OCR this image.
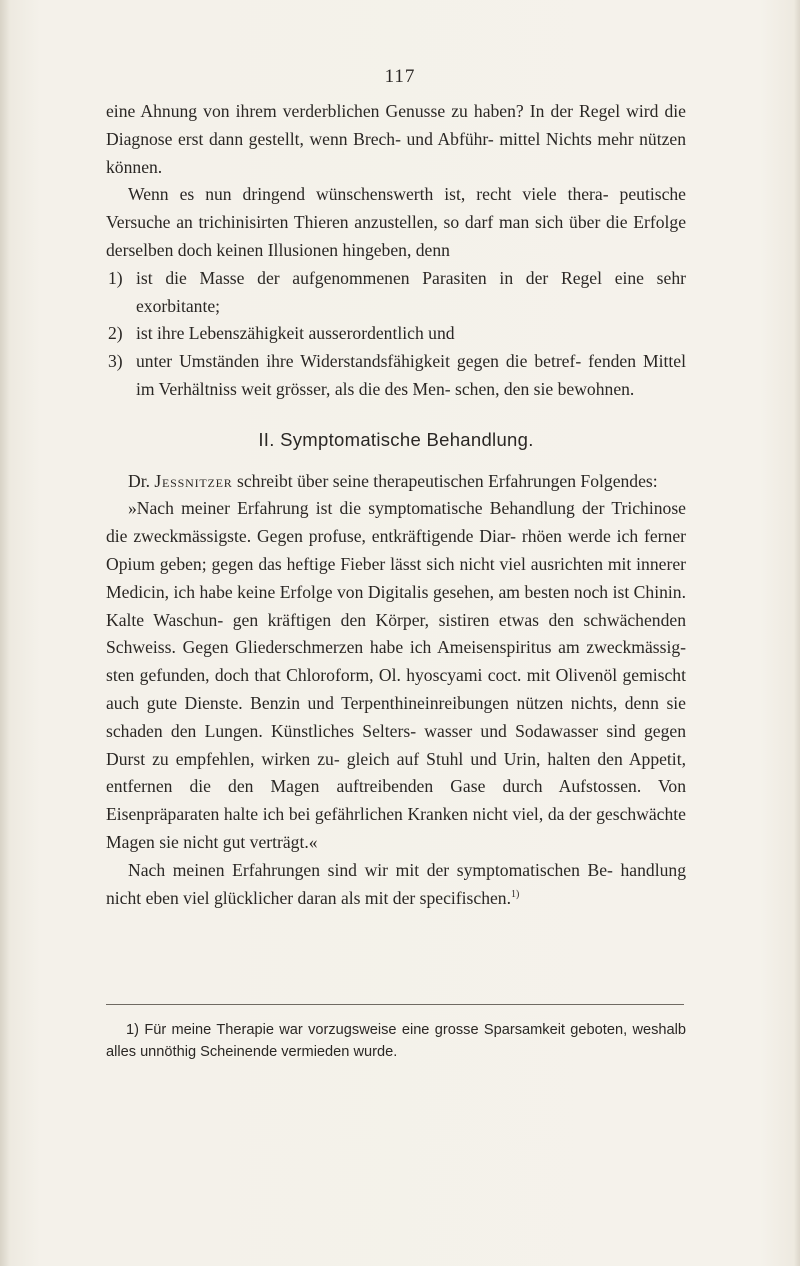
117

eine Ahnung von ihrem verderblichen Genusse zu haben? In der Regel wird die Diagnose erst dann gestellt, wenn Brech- und Abführ- mittel Nichts mehr nützen können.

Wenn es nun dringend wünschenswerth ist, recht viele thera- peutische Versuche an trichinisirten Thieren anzustellen, so darf man sich über die Erfolge derselben doch keinen Illusionen hingeben, denn

1) ist die Masse der aufgenommenen Parasiten in der Regel eine sehr exorbitante;
2) ist ihre Lebenszähigkeit ausserordentlich und
3) unter Umständen ihre Widerstandsfähigkeit gegen die betref- fenden Mittel im Verhältniss weit grösser, als die des Men- schen, den sie bewohnen.
II. Symptomatische Behandlung.

Dr. Jessnitzer schreibt über seine therapeutischen Erfahrungen Folgendes:

»Nach meiner Erfahrung ist die symptomatische Behandlung der Trichinose die zweckmässigste. Gegen profuse, entkräftigende Diar- rhöen werde ich ferner Opium geben; gegen das heftige Fieber lässt sich nicht viel ausrichten mit innerer Medicin, ich habe keine Erfolge von Digitalis gesehen, am besten noch ist Chinin. Kalte Waschun- gen kräftigen den Körper, sistiren etwas den schwächenden Schweiss. Gegen Gliederschmerzen habe ich Ameisenspiritus am zweckmässig- sten gefunden, doch that Chloroform, Ol. hyoscyami coct. mit Olivenöl gemischt auch gute Dienste. Benzin und Terpenthineinreibungen nützen nichts, denn sie schaden den Lungen. Künstliches Selters- wasser und Sodawasser sind gegen Durst zu empfehlen, wirken zu- gleich auf Stuhl und Urin, halten den Appetit, entfernen die den Magen auftreibenden Gase durch Aufstossen. Von Eisenpräparaten halte ich bei gefährlichen Kranken nicht viel, da der geschwächte Magen sie nicht gut verträgt.«

Nach meinen Erfahrungen sind wir mit der symptomatischen Be- handlung nicht eben viel glücklicher daran als mit der specifischen.$^{1)}$

1) Für meine Therapie war vorzugsweise eine grosse Sparsamkeit geboten, weshalb alles unnöthig Scheinende vermieden wurde.
